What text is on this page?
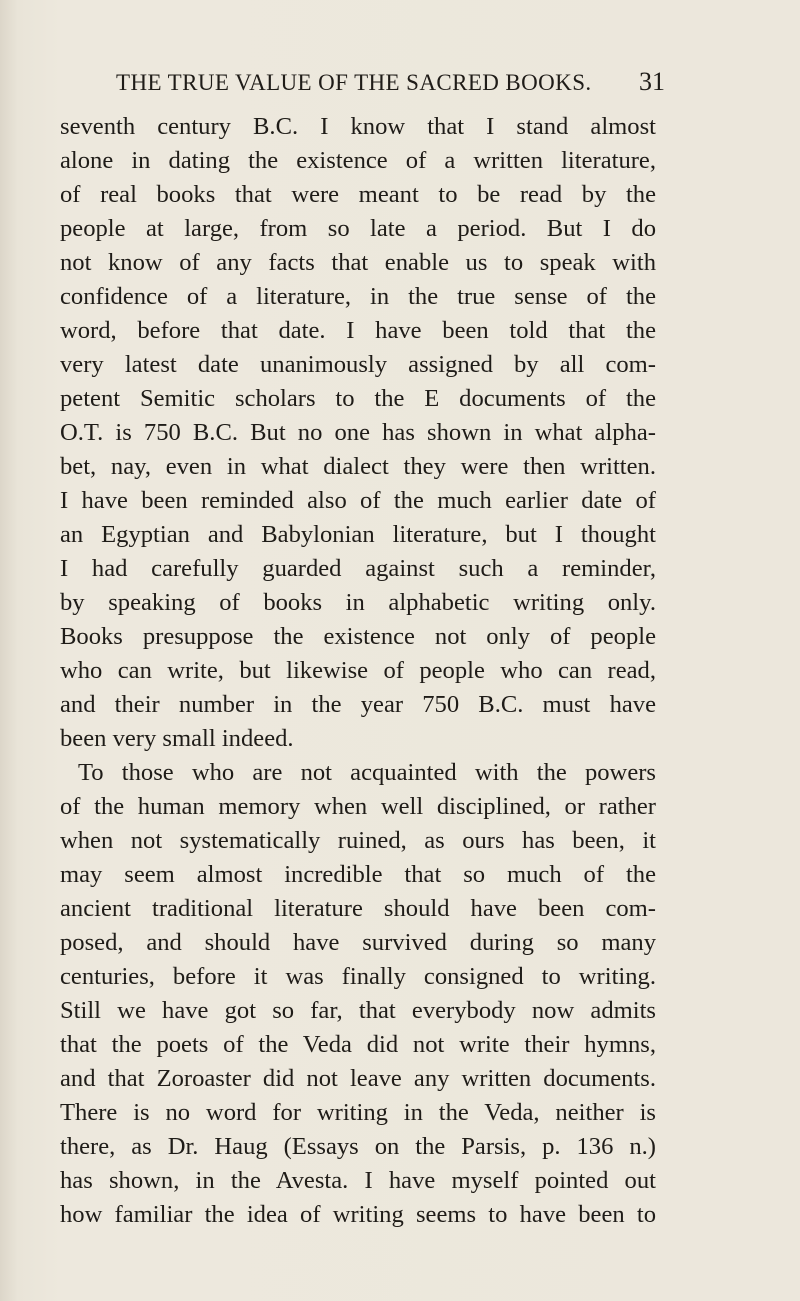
THE TRUE VALUE OF THE SACRED BOOKS. 31
seventh century B.C. I know that I stand almost
alone in dating the existence of a written literature,
of real books that were meant to be read by the
people at large, from so late a period. But I do
not know of any facts that enable us to speak with
confidence of a literature, in the true sense of the
word, before that date. I have been told that the
very latest date unanimously assigned by all com-
petent Semitic scholars to the E documents of the
O.T. is 750 B.C. But no one has shown in what alpha-
bet, nay, even in what dialect they were then written.
I have been reminded also of the much earlier date of
an Egyptian and Babylonian literature, but I thought
I had carefully guarded against such a reminder,
by speaking of books in alphabetic writing only.
Books presuppose the existence not only of people
who can write, but likewise of people who can read,
and their number in the year 750 B.C. must have
been very small indeed.
To those who are not acquainted with the powers
of the human memory when well disciplined, or rather
when not systematically ruined, as ours has been, it
may seem almost incredible that so much of the
ancient traditional literature should have been com-
posed, and should have survived during so many
centuries, before it was finally consigned to writing.
Still we have got so far, that everybody now admits
that the poets of the Veda did not write their hymns,
and that Zoroaster did not leave any written documents.
There is no word for writing in the Veda, neither is
there, as Dr. Haug (Essays on the Parsis, p. 136 n.)
has shown, in the Avesta. I have myself pointed out
how familiar the idea of writing seems to have been to
